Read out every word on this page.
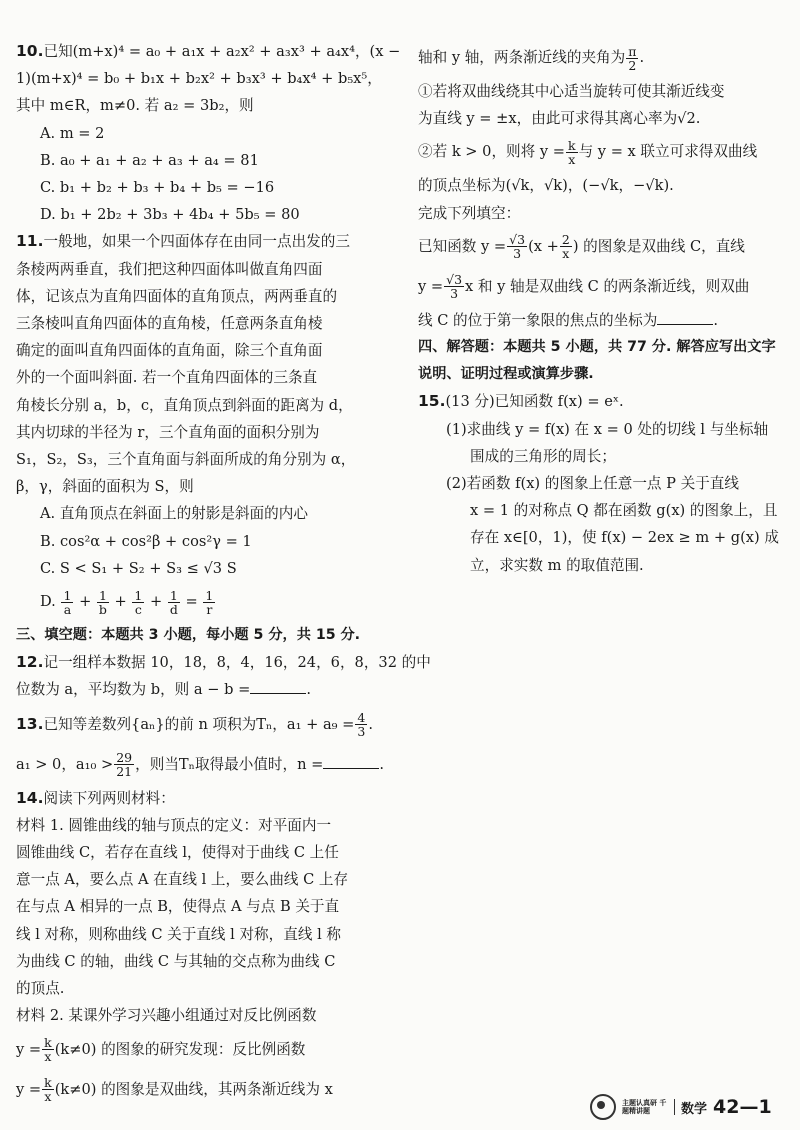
10.已知(m+x)⁴ = a₀ + a₁x + a₂x² + a₃x³ + a₄x⁴，(x −
1)(m+x)⁴ = b₀ + b₁x + b₂x² + b₃x³ + b₄x⁴ + b₅x⁵，
其中 m∈R，m≠0. 若 a₂ = 3b₂，则
A. m = 2
B. a₀ + a₁ + a₂ + a₃ + a₄ = 81
C. b₁ + b₂ + b₃ + b₄ + b₅ = −16
D. b₁ + 2b₂ + 3b₃ + 4b₄ + 5b₅ = 80
11.一般地，如果一个四面体存在由同一点出发的三
条棱两两垂直，我们把这种四面体叫做直角四面
体，记该点为直角四面体的直角顶点，两两垂直的
三条棱叫直角四面体的直角棱，任意两条直角棱
确定的面叫直角四面体的直角面，除三个直角面
外的一个面叫斜面. 若一个直角四面体的三条直
角棱长分别 a，b，c，直角顶点到斜面的距离为 d，
其内切球的半径为 r，三个直角面的面积分别为
S₁，S₂，S₃，三个直角面与斜面所成的角分别为 α，
β，γ，斜面的面积为 S，则
A. 直角顶点在斜面上的射影是斜面的内心
B. cos²α + cos²β + cos²γ = 1
C. S < S₁ + S₂ + S₃ ≤ √3 S
D. $\frac{1}{a} + \frac{1}{b} + \frac{1}{c} + \frac{1}{d} = \frac{1}{r}$
三、填空题：本题共 3 小题，每小题 5 分，共 15 分.
12.记一组样本数据 10，18，8，4，16，24，6，8，32 的中
位数为 a，平均数为 b，则 a − b =	.
13.已知等差数列{aₙ}的前 n 项积为Tₙ，$a_1 + a_9 = \frac{4}{3}$ .
a₁ > 0，$a_{10} > \frac{29}{21}$ ，则当Tₙ取得最小值时，n =	.
14.阅读下列两则材料：
材料 1. 圆锥曲线的轴与顶点的定义：对平面内一
圆锥曲线 C，若存在直线 l，使得对于曲线 C 上任
意一点 A，要么点 A 在直线 l 上，要么曲线 C 上存
在与点 A 相异的一点 B，使得点 A 与点 B 关于直
线 l 对称，则称曲线 C 关于直线 l 对称，直线 l 称
为曲线 C 的轴，曲线 C 与其轴的交点称为曲线 C
的顶点.
材料 2. 某课外学习兴趣小组通过对反比例函数
$y = \frac{k}{x} (k\ne 0)$ 的图象的研究发现：反比例函数
$y = \frac{k}{x} (k\ne 0)$ 的图象是双曲线，其两条渐近线为 x
轴和 y 轴，两条渐近线的夹角为 $\frac{\pi}{2}$ .
①若将双曲线绕其中心适当旋转可使其渐近线变
为直线 y = ±x，由此可求得其离心率为√2.
②若 k > 0，则将 $y = \frac{k}{x}$ 与 y = x 联立可求得双曲线
的顶点坐标为(√k，√k)，(−√k，−√k).
完成下列填空：
已知函数 $y = \frac{√3}{3} (x + \frac{2}{x}$ ) 的图象是双曲线 C，直线
$y = \frac{√3}{3}$ x 和 y 轴是双曲线 C 的两条渐近线，则双曲
线 C 的位于第一象限的焦点的坐标为	.
四、解答题：本题共 5 小题，共 77 分. 解答应写出文字
说明、证明过程或演算步骤.
15.(13 分)已知函数 f(x) = eˣ.
(1)求曲线 y = f(x) 在 x = 0 处的切线 l 与坐标轴
围成的三角形的周长；
(2)若函数 f(x) 的图象上任意一点 P 关于直线
x = 1 的对称点 Q 都在函数 g(x) 的图象上，且
存在 x∈[0，1)，使 f(x) − 2ex ≥ m + g(x) 成
立，求实数 m 的取值范围.
主题认真研 千题精讲题	数学 42—1
